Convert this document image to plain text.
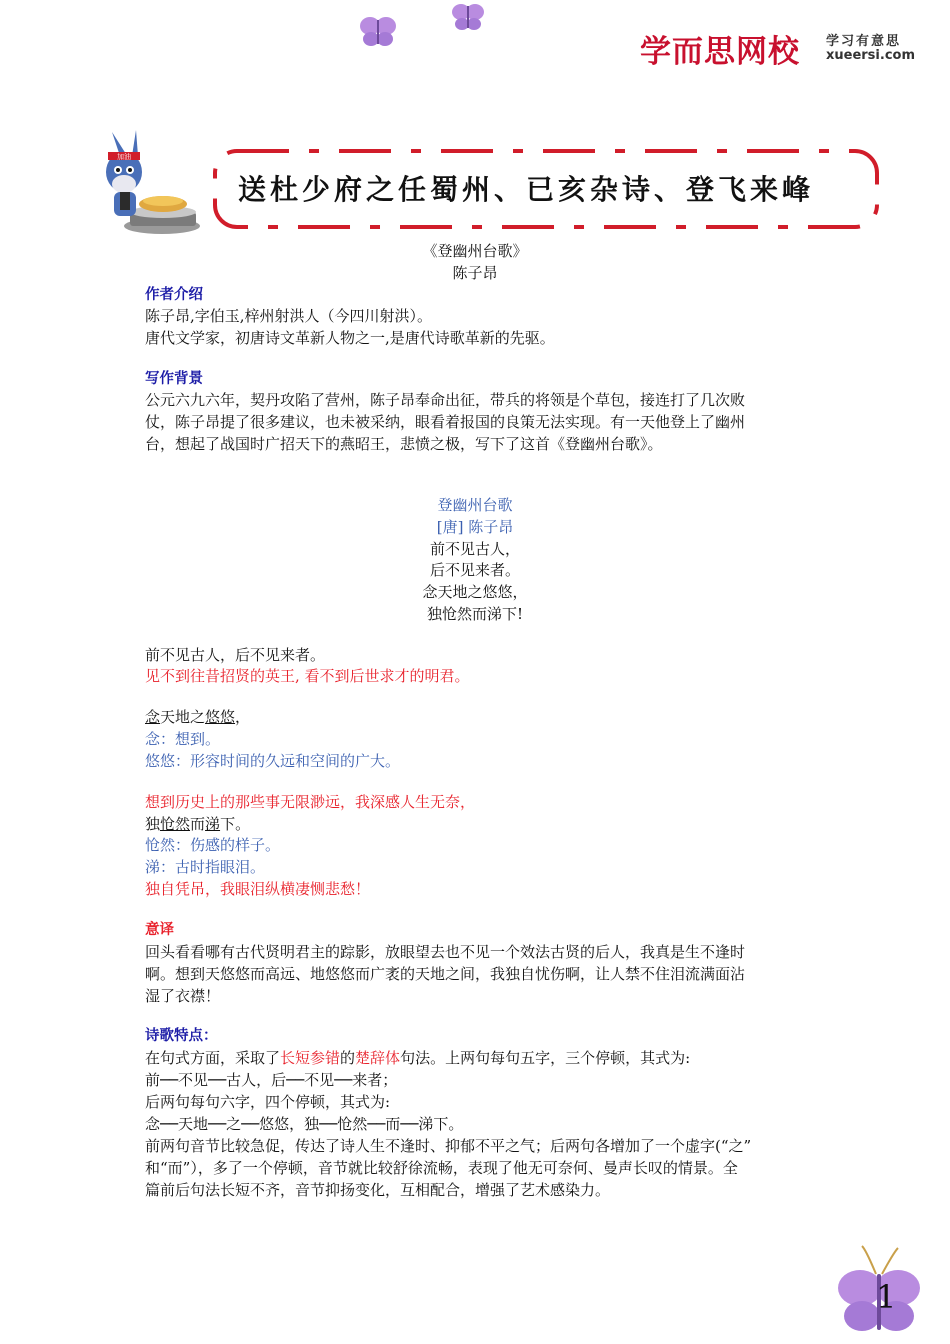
学而思网校 学习有意思
xueersi.com
加油
送杜少府之任蜀州、已亥杂诗、登飞来峰
《登幽州台歌》
陈子昂
作者介绍
陈子昂,字伯玉,梓州射洪人（今四川射洪）。
唐代文学家，初唐诗文革新人物之一,是唐代诗歌革新的先驱。
写作背景
公元六九六年，契丹攻陷了营州，陈子昂奉命出征，带兵的将领是个草包，接连打了几次败
仗，陈子昂提了很多建议，也未被采纳，眼看着报国的良策无法实现。有一天他登上了幽州
台，想起了战国时广招天下的燕昭王，悲愤之极，写下了这首《登幽州台歌》。
登幽州台歌
[唐] 陈子昂
前不见古人，
后不见来者。
念天地之悠悠，
独怆然而涕下!
前不见古人，后不见来者。
见不到往昔招贤的英王, 看不到后世求才的明君。
念天地之悠悠，
念：想到。
悠悠：形容时间的久远和空间的广大。
想到历史上的那些事无限渺远，我深感人生无奈，
独怆然而涕下。
怆然：伤感的样子。
涕：古时指眼泪。
独自凭吊，我眼泪纵横凄恻悲愁！
意译
回头看看哪有古代贤明君主的踪影，放眼望去也不见一个效法古贤的后人，我真是生不逢时
啊。想到天悠悠而高远、地悠悠而广袤的天地之间，我独自忧伤啊，让人禁不住泪流满面沾
湿了衣襟！
诗歌特点：
在句式方面，采取了长短参错的楚辞体句法。上两句每句五字，三个停顿，其式为:
前──不见──古人，后──不见──来者；
后两句每句六字，四个停顿，其式为:
念──天地──之──悠悠，独──怆然──而──涕下。
前两句音节比较急促，传达了诗人生不逢时、抑郁不平之气；后两句各增加了一个虚字(“之”
和“而”），多了一个停顿，音节就比较舒徐流畅，表现了他无可奈何、曼声长叹的情景。全
篇前后句法长短不齐，音节抑扬变化，互相配合，增强了艺术感染力。
1
